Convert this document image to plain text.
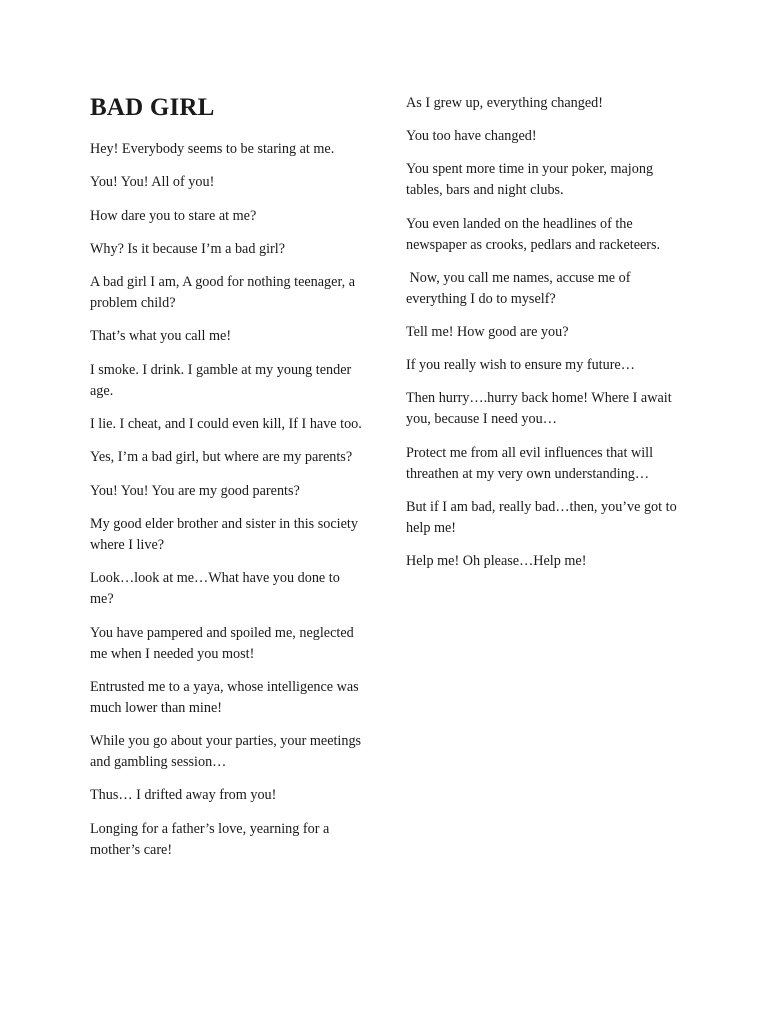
BAD GIRL

Hey! Everybody seems to be staring at me.

You! You! All of you!

How dare you to stare at me?

Why? Is it because I’m a bad girl?

A bad girl I am, A good for nothing teenager, a problem child?

That’s what you call me!

I smoke. I drink. I gamble at my young tender age.

I lie. I cheat, and I could even kill, If I have too.

Yes, I’m a bad girl, but where are my parents?

You! You! You are my good parents?

My good elder brother and sister in this society where I live?

Look…look at me…What have you done to me?

You have pampered and spoiled me, neglected me when I needed you most!

Entrusted me to a yaya, whose intelligence was much lower than mine!

While you go about your parties, your meetings and gambling session…

Thus… I drifted away from you!

Longing for a father’s love, yearning for a mother’s care!

As I grew up, everything changed!

You too have changed!

You spent more time in your poker, majong tables, bars and night clubs.

You even landed on the headlines of the newspaper as crooks, pedlars and racketeers.

Now, you call me names, accuse me of everything I do to myself?

Tell me! How good are you?

If you really wish to ensure my future…

Then hurry….hurry back home! Where I await you, because I need you…

Protect me from all evil influences that will threathen at my very own understanding…

But if I am bad, really bad…then, you’ve got to help me!

Help me! Oh please…Help me!
